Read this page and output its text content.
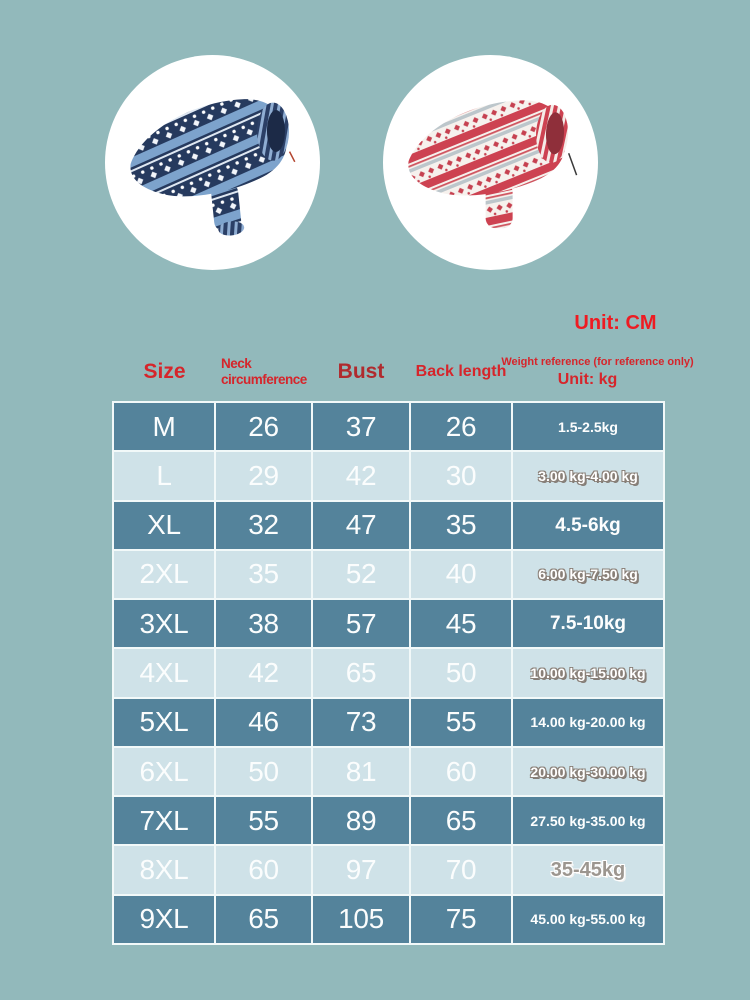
Unit: CM
Size	Neck circumference	Bust	Back length
Weight reference (for reference only)
Unit: kg
M	26	37	26	1.5-2.5kg
L	29	42	30	3.00 kg-4.00 kg
XL	32	47	35	4.5-6kg
2XL	35	52	40	6.00 kg-7.50 kg
3XL	38	57	45	7.5-10kg
4XL	42	65	50	10.00 kg-15.00 kg
5XL	46	73	55	14.00 kg-20.00 kg
6XL	50	81	60	20.00 kg-30.00 kg
7XL	55	89	65	27.50 kg-35.00 kg
8XL	60	97	70	35-45kg
9XL	65	105	75	45.00 kg-55.00 kg
